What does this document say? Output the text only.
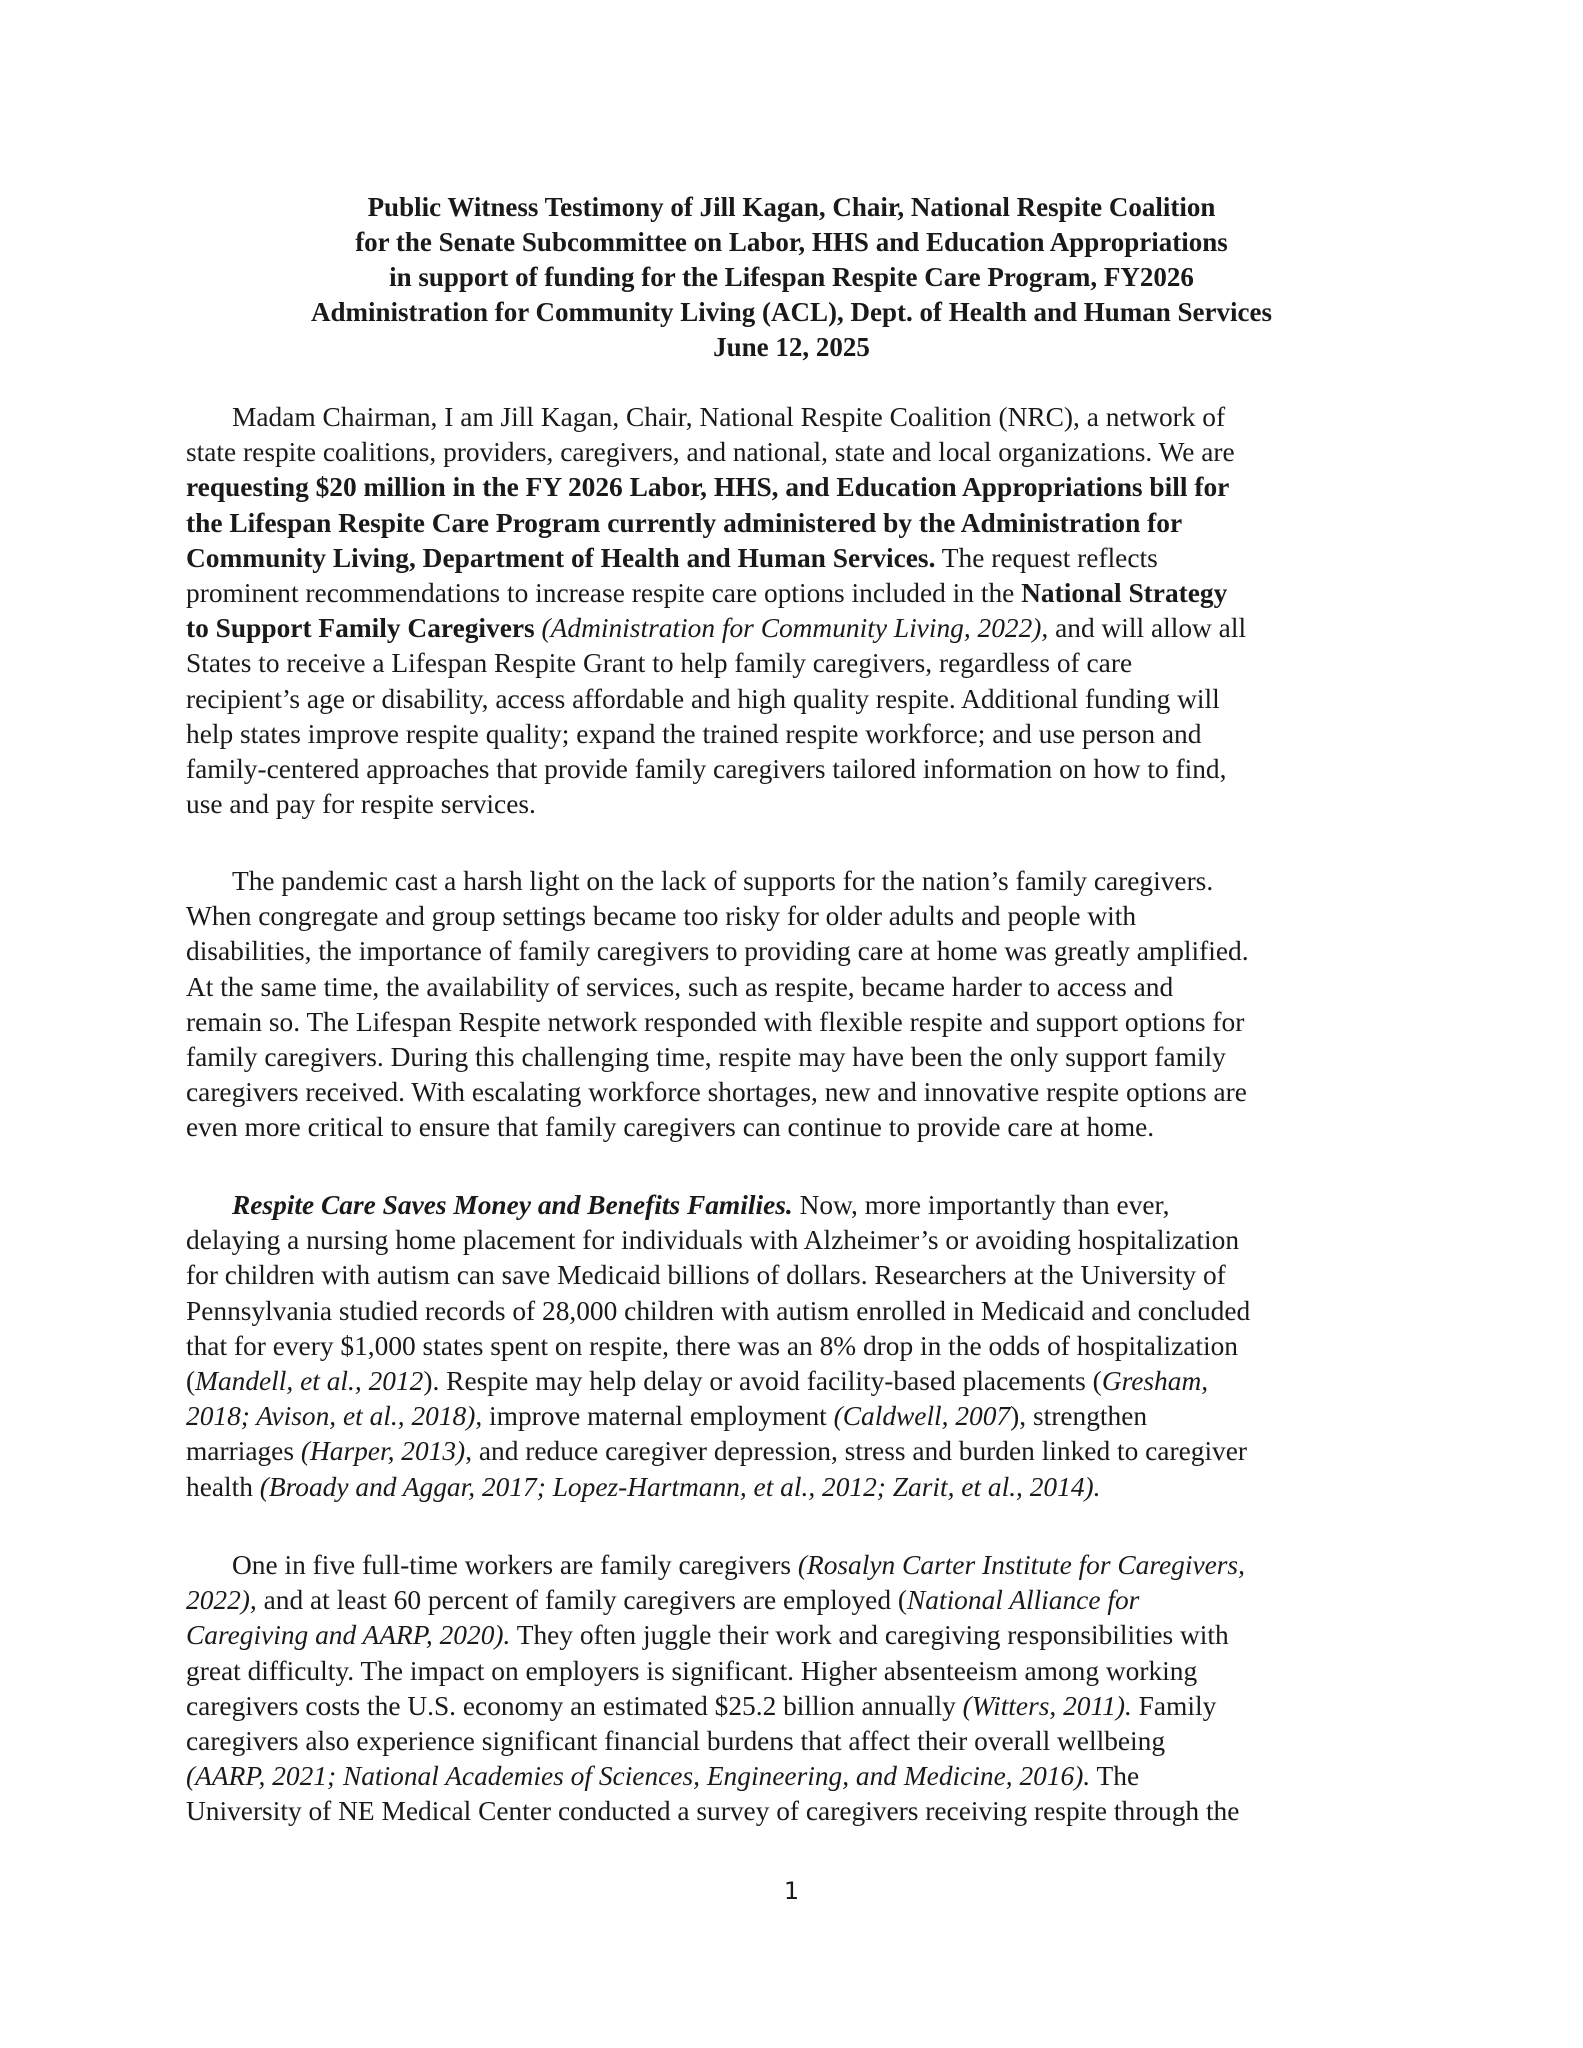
Public Witness Testimony of Jill Kagan, Chair, National Respite Coalition
for the Senate Subcommittee on Labor, HHS and Education Appropriations
in support of funding for the Lifespan Respite Care Program, FY2026
Administration for Community Living (ACL), Dept. of Health and Human Services
June 12, 2025
Madam Chairman, I am Jill Kagan, Chair, National Respite Coalition (NRC), a network of
state respite coalitions, providers, caregivers, and national, state and local organizations. We are
requesting $20 million in the FY 2026 Labor, HHS, and Education Appropriations bill for
the Lifespan Respite Care Program currently administered by the Administration for
Community Living, Department of Health and Human Services. The request reflects
prominent recommendations to increase respite care options included in the National Strategy
to Support Family Caregivers (Administration for Community Living, 2022), and will allow all
States to receive a Lifespan Respite Grant to help family caregivers, regardless of care
recipient’s age or disability, access affordable and high quality respite. Additional funding will
help states improve respite quality; expand the trained respite workforce; and use person and
family-centered approaches that provide family caregivers tailored information on how to find,
use and pay for respite services.
The pandemic cast a harsh light on the lack of supports for the nation’s family caregivers.
When congregate and group settings became too risky for older adults and people with
disabilities, the importance of family caregivers to providing care at home was greatly amplified.
At the same time, the availability of services, such as respite, became harder to access and
remain so. The Lifespan Respite network responded with flexible respite and support options for
family caregivers. During this challenging time, respite may have been the only support family
caregivers received. With escalating workforce shortages, new and innovative respite options are
even more critical to ensure that family caregivers can continue to provide care at home.
Respite Care Saves Money and Benefits Families. Now, more importantly than ever,
delaying a nursing home placement for individuals with Alzheimer’s or avoiding hospitalization
for children with autism can save Medicaid billions of dollars. Researchers at the University of
Pennsylvania studied records of 28,000 children with autism enrolled in Medicaid and concluded
that for every $1,000 states spent on respite, there was an 8% drop in the odds of hospitalization
(Mandell, et al., 2012). Respite may help delay or avoid facility-based placements (Gresham,
2018; Avison, et al., 2018), improve maternal employment (Caldwell, 2007), strengthen
marriages (Harper, 2013), and reduce caregiver depression, stress and burden linked to caregiver
health (Broady and Aggar, 2017; Lopez-Hartmann, et al., 2012; Zarit, et al., 2014).
One in five full-time workers are family caregivers (Rosalyn Carter Institute for Caregivers,
2022), and at least 60 percent of family caregivers are employed (National Alliance for
Caregiving and AARP, 2020). They often juggle their work and caregiving responsibilities with
great difficulty. The impact on employers is significant. Higher absenteeism among working
caregivers costs the U.S. economy an estimated $25.2 billion annually (Witters, 2011). Family
caregivers also experience significant financial burdens that affect their overall wellbeing
(AARP, 2021; National Academies of Sciences, Engineering, and Medicine, 2016). The
University of NE Medical Center conducted a survey of caregivers receiving respite through the
1
